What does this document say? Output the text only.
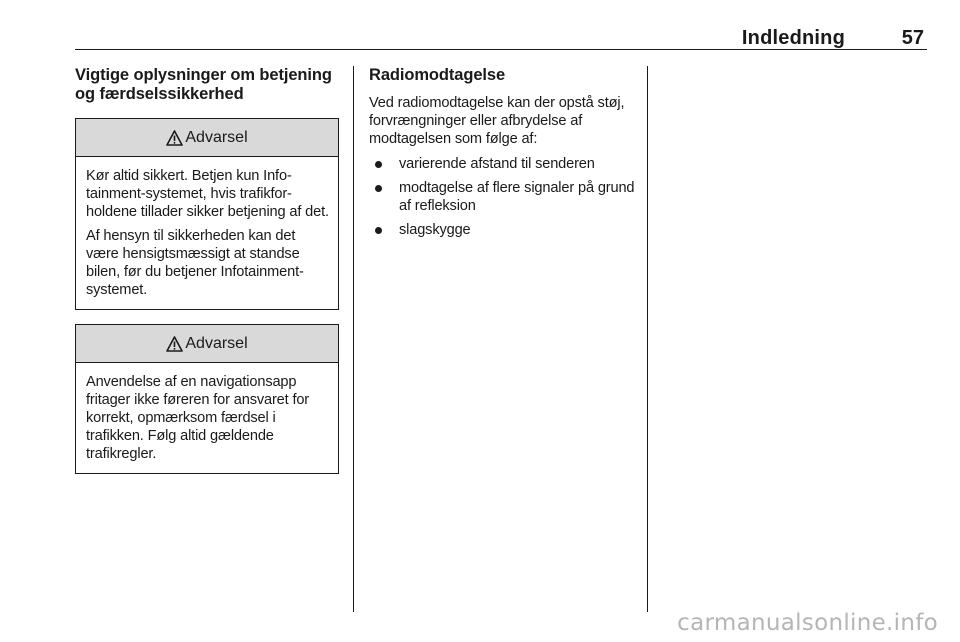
Indledning	57
Vigtige oplysninger om betjening
og færdselssikkerhed
Advarsel

Kør altid sikkert. Betjen kun Infotainment-systemet, hvis trafikforholdene tillader sikker betjening af det.

Af hensyn til sikkerheden kan det være hensigtsmæssigt at standse bilen, før du betjener Infotainment-systemet.

Advarsel

Anvendelse af en navigationsapp fritager ikke føreren for ansvaret for korrekt, opmærksom færdsel i trafikken. Følg altid gældende trafikregler.

Radiomodtagelse

Ved radiomodtagelse kan der opstå støj, forvrængninger eller afbrydelse af modtagelsen som følge af:

varierende afstand til senderen
modtagelse af flere signaler på grund af refleksion
slagskygge
carmanualsonline.info
